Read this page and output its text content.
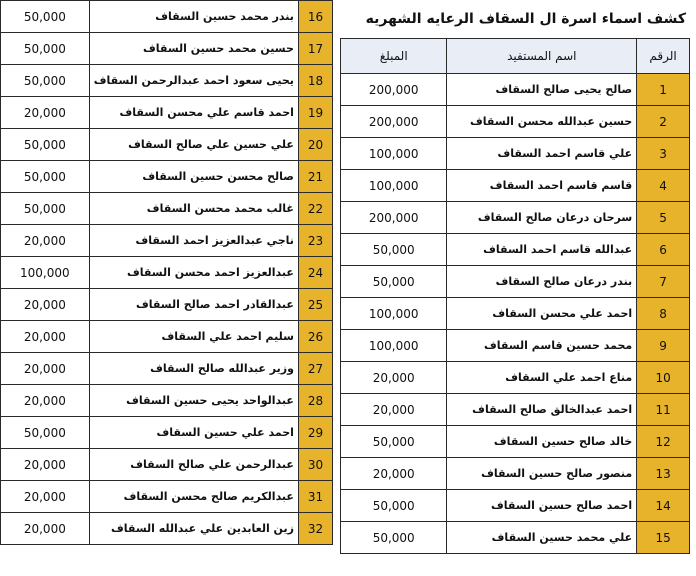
50,000	بندر محمد حسين السقاف	16
50,000	حسين محمد حسين السقاف	17
50,000	يحيى سعود احمد عبدالرحمن السقاف	18
20,000	احمد قاسم علي محسن السقاف	19
50,000	علي حسين علي صالح السقاف	20
50,000	صالح محسن حسين السقاف	21
50,000	غالب محمد محسن السقاف	22
20,000	ناجي عبدالعزيز احمد السقاف	23
100,000	عبدالعزيز احمد محسن السقاف	24
20,000	عبدالقادر احمد صالح السقاف	25
20,000	سليم احمد علي السقاف	26
20,000	وزير عبدالله صالح السقاف	27
20,000	عبدالواحد يحيى حسين السقاف	28
50,000	احمد علي حسين السقاف	29
20,000	عبدالرحمن علي صالح السقاف	30
20,000	عبدالكريم صالح محسن السقاف	31
20,000	زين العابدين علي عبدالله السقاف	32
كشف اسماء اسرة ال السقاف الرعايه الشهريه
المبلغ	اسم المستفيد	الرقم
200,000	صالح يحيى صالح السقاف	1
200,000	حسين عبدالله محسن السقاف	2
100,000	علي قاسم احمد السقاف	3
100,000	قاسم قاسم احمد السقاف	4
200,000	سرحان درعان صالح السقاف	5
50,000	عبدالله قاسم احمد السقاف	6
50,000	بندر درعان صالح السقاف	7
100,000	احمد علي محسن السقاف	8
100,000	محمد حسين قاسم السقاف	9
20,000	مناع احمد علي السقاف	10
20,000	احمد عبدالخالق صالح السقاف	11
50,000	خالد صالح حسين السقاف	12
20,000	منصور صالح حسين السقاف	13
50,000	احمد صالح حسين السقاف	14
50,000	علي محمد حسين السقاف	15
